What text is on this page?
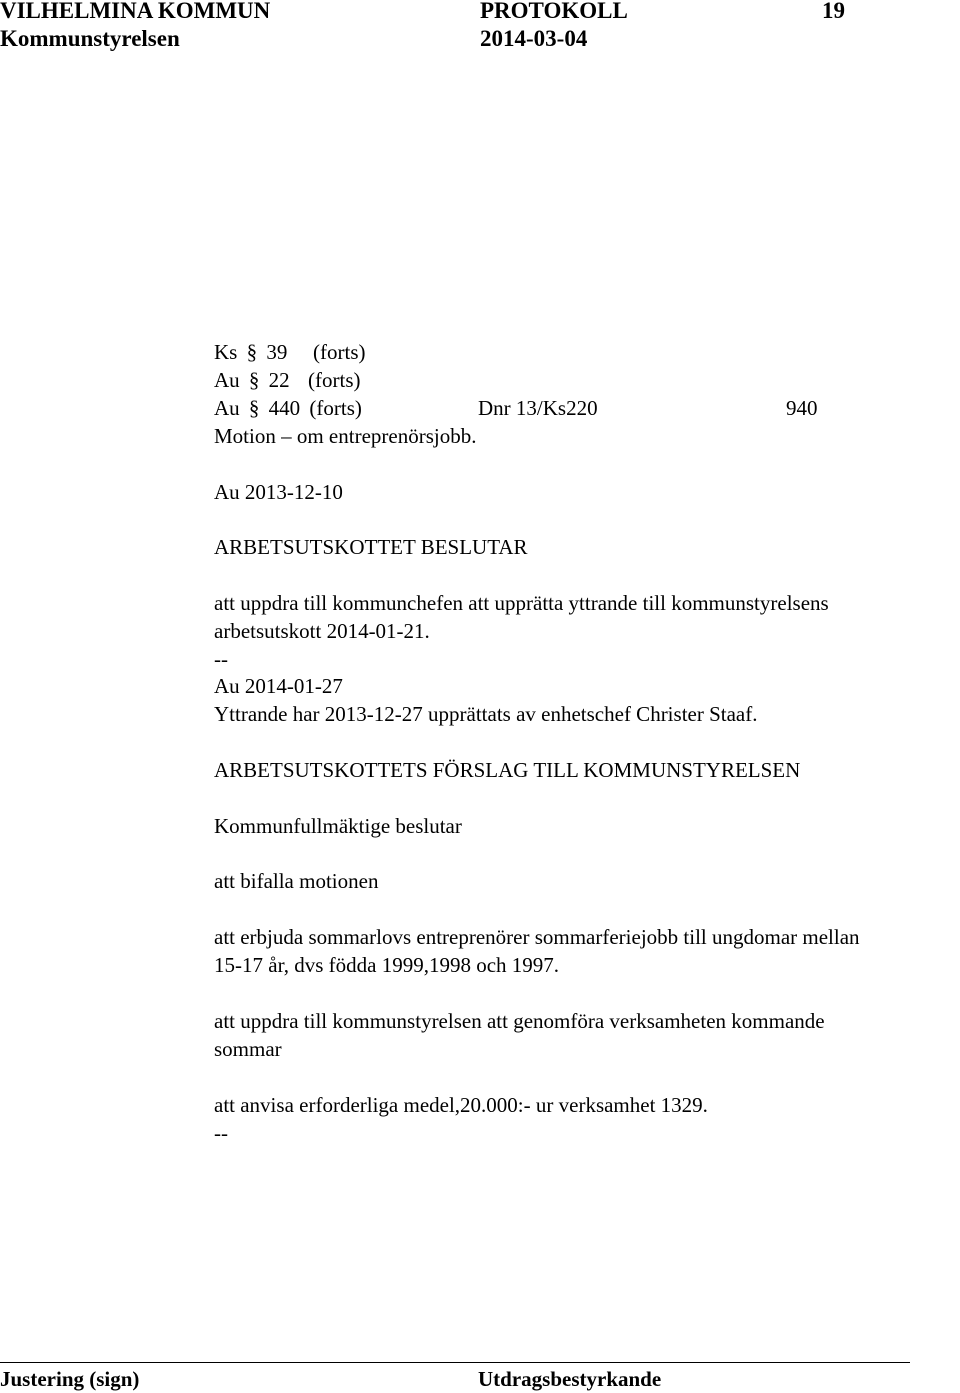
VILHELMINA KOMMUN	PROTOKOLL	19
Kommunstyrelsen	2014-03-04
Ks § 39 (forts)
Au § 22 (forts)
Au § 440 (forts)	Dnr 13/Ks220	940
Motion – om entreprenörsjobb.
Au 2013-12-10
ARBETSUTSKOTTET BESLUTAR
att uppdra till kommunchefen att upprätta yttrande till kommunstyrelsens
arbetsutskott 2014-01-21.
--
Au 2014-01-27
Yttrande har 2013-12-27 upprättats av enhetschef Christer Staaf.
ARBETSUTSKOTTETS FÖRSLAG TILL KOMMUNSTYRELSEN
Kommunfullmäktige beslutar
att bifalla motionen
att erbjuda sommarlovs entreprenörer sommarferiejobb till ungdomar mellan
15-17 år, dvs födda 1999,1998 och 1997.
att uppdra till kommunstyrelsen att genomföra verksamheten kommande
sommar
att anvisa erforderliga medel,20.000:- ur verksamhet 1329.
--
Justering (sign)	Utdragsbestyrkande
